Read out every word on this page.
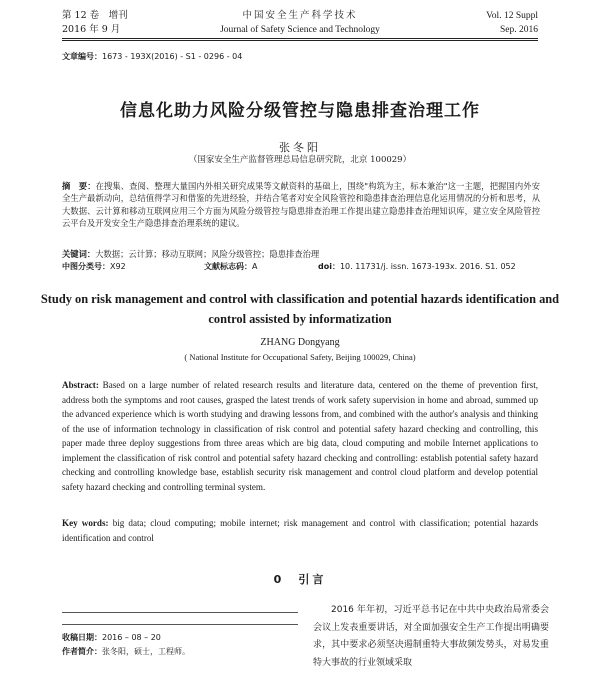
第 12 卷　增刊
2016 年 9 月
中国安全生产科学技术
Journal of Safety Science and Technology
Vol. 12 Suppl
Sep. 2016
文章编号：1673 - 193X(2016) - S1 - 0296 - 04
信息化助力风险分级管控与隐患排查治理工作
张冬阳
（国家安全生产监督管理总局信息研究院，北京 100029）
摘　要：在搜集、查阅、整理大量国内外相关研究成果等文献资料的基础上，围绕"构筑为主，标本兼治"这一主题，把握国内外安全生产最新动向，总结值得学习和借鉴的先进经验，并结合笔者对安全风险管控和隐患排查治理信息化运用情况的分析和思考，从大数据、云计算和移动互联网应用三个方面为风险分级管控与隐患排查治理工作提出建立隐患排查治理知识库，建立安全风险管控云平台及开发安全生产隐患排查治理系统的建议。
关键词：大数据；云计算；移动互联网；风险分级管控；隐患排查治理
中图分类号：X92	文献标志码：A	doi：10. 11731/j. issn. 1673-193x. 2016. S1. 052
Study on risk management and control with classification and potential hazards identification and control assisted by informatization
ZHANG Dongyang
( National Institute for Occupational Safety, Beijing 100029, China)
Abstract: Based on a large number of related research results and literature data, centered on the theme of prevention first, address both the symptoms and root causes, grasped the latest trends of work safety supervision in home and abroad, summed up the advanced experience which is worth studying and drawing lessons from, and combined with the author's analysis and thinking of the use of information technology in classification of risk control and potential safety hazard checking and controlling, this paper made three deploy suggestions from three areas which are big data, cloud computing and mobile Internet applications to implement the classification of risk control and potential safety hazard checking and controlling: establish potential safety hazard checking and controlling knowledge base, establish security risk management and control cloud platform and develop potential safety hazard checking and controlling terminal system.
Key words: big data; cloud computing; mobile internet; risk management and control with classification; potential hazards identification and control
0　引言
2016 年年初，习近平总书记在中共中央政治局常委会会议上发表重要讲话，对全面加强安全生产工作提出明确要求，其中要求必须坚决遏制重特大事故频发势头，对易发重特大事故的行业领域采取
收稿日期：2016 – 08 – 20
作者简介：张冬阳，硕士，工程师。
